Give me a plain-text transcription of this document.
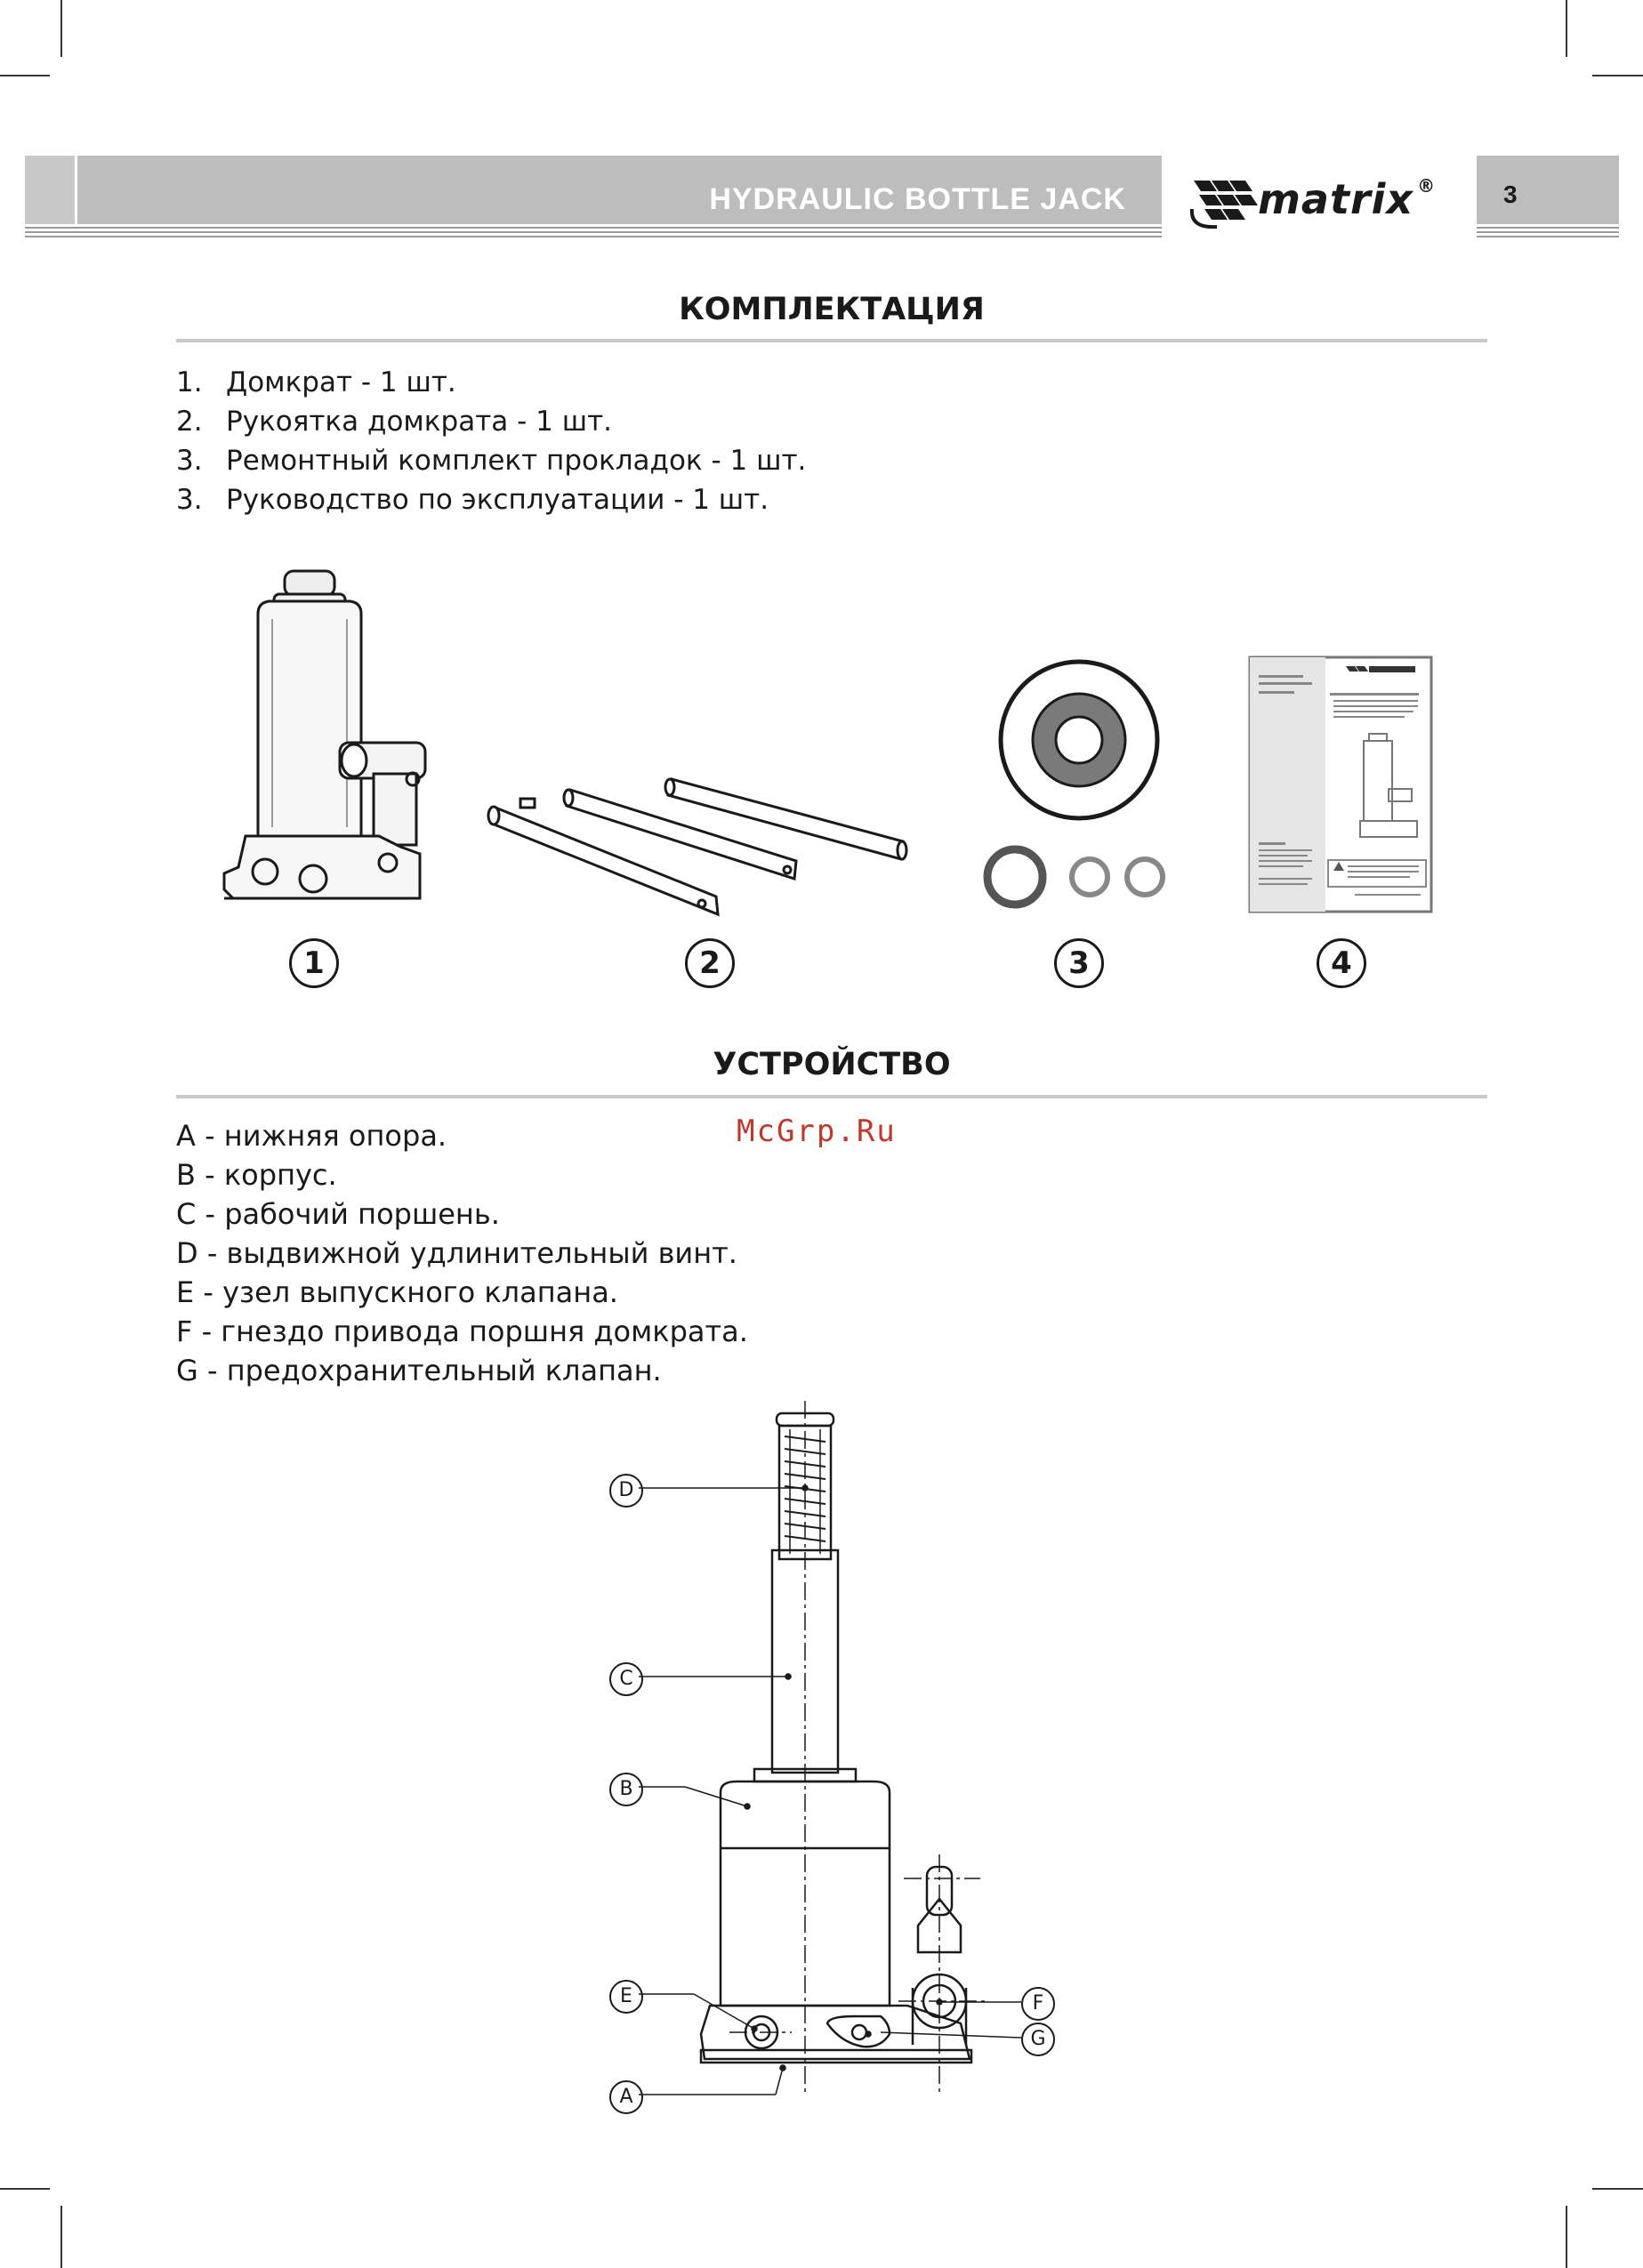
HYDRAULIC BOTTLE JACK	matrix ®	3
КОМПЛЕКТАЦИЯ
1. Домкрат - 1 шт.
2. Рукоятка домкрата - 1 шт.
3. Ремонтный комплект прокладок - 1 шт.
3. Руководство по эксплуатации - 1 шт.
1	2	3	4
УСТРОЙСТВО
A - нижняя опора.
B - корпус.
C - рабочий поршень.
D - выдвижной удлинительный винт.
E - узел выпускного клапана.
F - гнездо привода поршня домкрата.
G - предохранительный клапан.
McGrp.Ru
D
C
B
E	F
G
A
